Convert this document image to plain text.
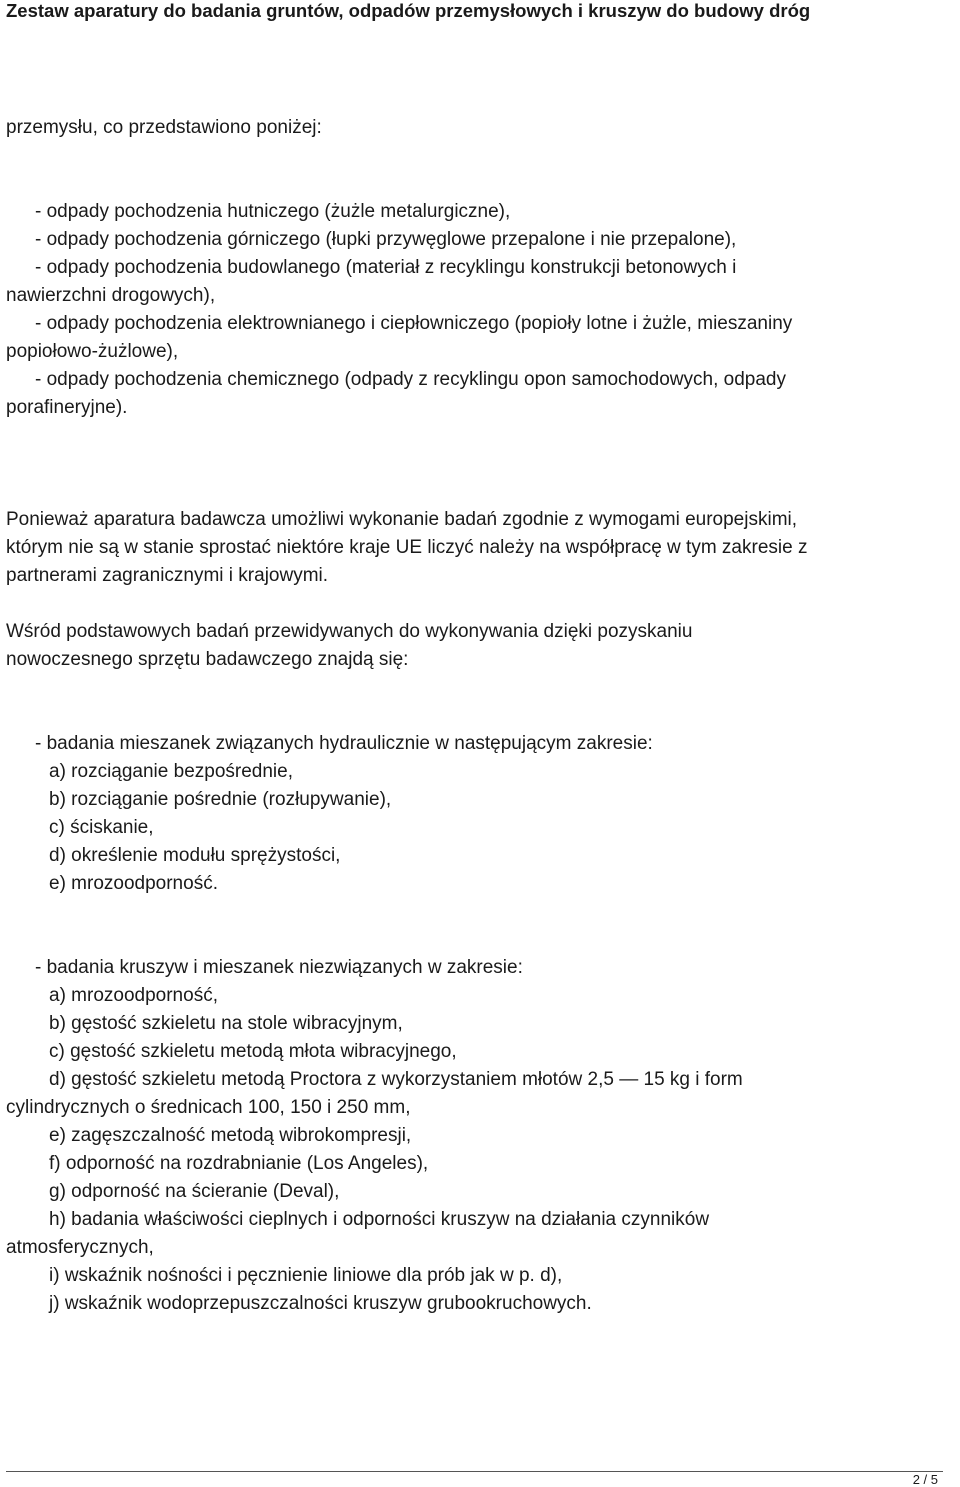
Zestaw aparatury do badania gruntów, odpadów przemysłowych i kruszyw do budowy dróg
przemysłu, co przedstawiono poniżej:
- odpady pochodzenia hutniczego (żużle metalurgiczne),
- odpady pochodzenia górniczego (łupki przywęglowe przepalone i nie przepalone),
- odpady pochodzenia budowlanego (materiał z recyklingu konstrukcji betonowych i
nawierzchni drogowych),
- odpady pochodzenia elektrownianego i ciepłowniczego (popioły lotne i żużle, mieszaniny
popiołowo-żużlowe),
- odpady pochodzenia chemicznego (odpady z recyklingu opon samochodowych, odpady
porafineryjne).
Ponieważ aparatura badawcza umożliwi wykonanie badań zgodnie z wymogami europejskimi,
którym nie są w stanie sprostać niektóre kraje UE liczyć należy na współpracę w tym zakresie z
partnerami zagranicznymi i krajowymi.
Wśród podstawowych badań przewidywanych do wykonywania dzięki pozyskaniu
nowoczesnego sprzętu badawczego znajdą się:
- badania mieszanek związanych hydraulicznie w następującym zakresie:
a) rozciąganie bezpośrednie,
b) rozciąganie pośrednie (rozłupywanie),
c) ściskanie,
d) określenie modułu sprężystości,
e) mrozoodporność.
- badania kruszyw i mieszanek niezwiązanych w zakresie:
a) mrozoodporność,
b) gęstość szkieletu na stole wibracyjnym,
c) gęstość szkieletu metodą młota wibracyjnego,
d) gęstość szkieletu metodą Proctora z wykorzystaniem młotów 2,5 — 15 kg i form
cylindrycznych o średnicach 100, 150 i 250 mm,
e) zagęszczalność metodą wibrokompresji,
f) odporność na rozdrabnianie (Los Angeles),
g) odporność na ścieranie (Deval),
h) badania właściwości cieplnych i odporności kruszyw na działania czynników
atmosferycznych,
i) wskaźnik nośności i pęcznienie liniowe dla prób jak w p. d),
j) wskaźnik wodoprzepuszczalności kruszyw grubookruchowych.
2 / 5
